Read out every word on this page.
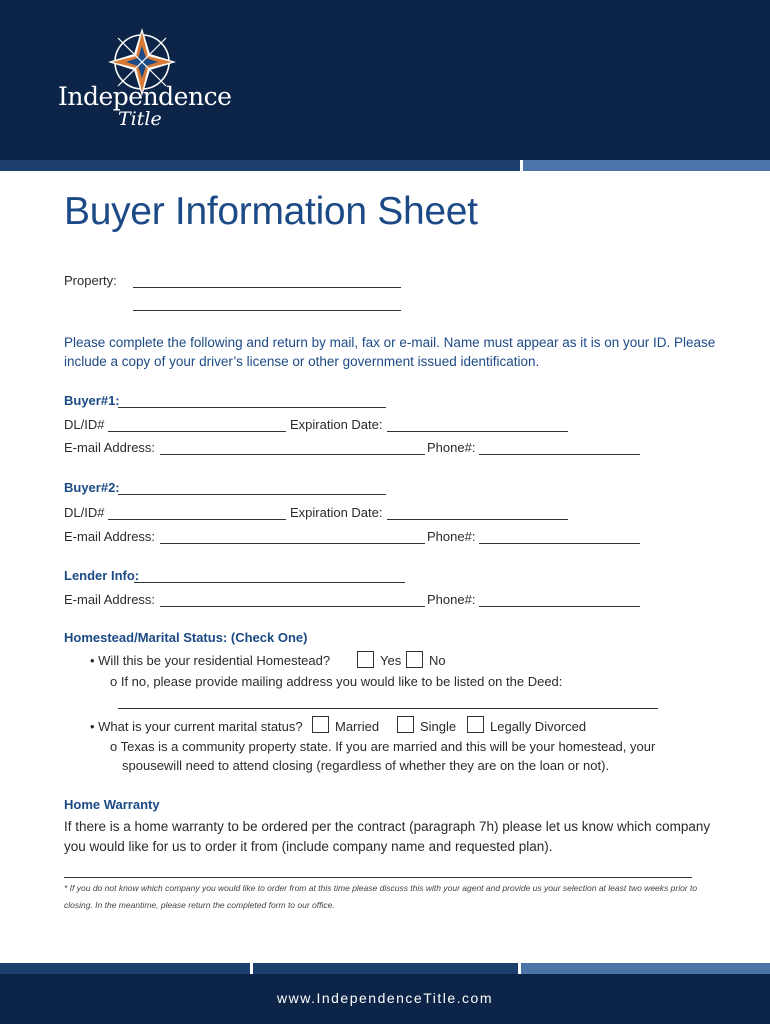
Independence
Title
Buyer Information Sheet
Property:
Please complete the following and return by mail, fax or e-mail. Name must appear as it is on your ID. Please include a copy of your driver’s license or other government issued identification.
Buyer#1:
DL/ID#	Expiration Date:
E-mail Address:	Phone#:
Buyer#2:
DL/ID#	Expiration Date:
E-mail Address:	Phone#:
Lender Info:
E-mail Address:	Phone#:
Homestead/Marital Status: (Check One)
• Will this be your residential Homestead?	Yes No
o If no, please provide mailing address you would like to be listed on the Deed:
• What is your current marital status? Married	Single	Legally Divorced
o Texas is a community property state. If you are married and this will be your homestead, your
spousewill need to attend closing (regardless of whether they are on the loan or not).
Home Warranty
If there is a home warranty to be ordered per the contract (paragraph 7h) please let us know which company you would like for us to order it from (include company name and requested plan).
* If you do not know which company you would like to order from at this time please discuss this with your agent and provide us your selection at least two weeks prior to closing. In the meantime, please return the completed form to our office.
www.IndependenceTitle.com
